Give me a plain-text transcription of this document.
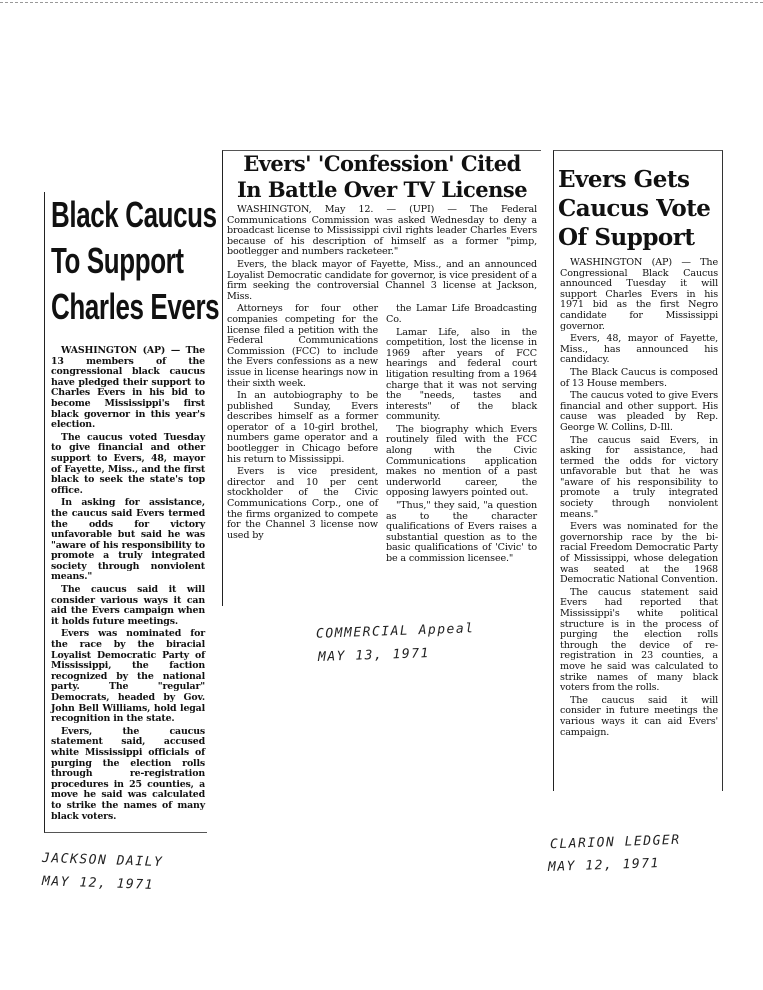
Black Caucus
To Support
Charles Evers

WASHINGTON (AP) — The 13 members of the congressional black caucus have pledged their support to Charles Evers in his bid to become Mississippi's first black governor in this year's election.

The caucus voted Tuesday to give financial and other support to Evers, 48, mayor of Fayette, Miss., and the first black to seek the state's top office.

In asking for assistance, the caucus said Evers termed the odds for victory unfavorable but said he was "aware of his responsibility to promote a truly integrated society through nonviolent means."

The caucus said it will consider various ways it can aid the Evers campaign when it holds future meetings.

Evers was nominated for the race by the biracial Loyalist Democratic Party of Mississippi, the faction recognized by the national party. The "regular" Democrats, headed by Gov. John Bell Williams, hold legal recognition in the state.

Evers, the caucus statement said, accused white Mississippi officials of purging the election rolls through re-registration procedures in 25 counties, a move he said was calculated to strike the names of many black voters.

Evers' 'Confession' Cited
In Battle Over TV License

WASHINGTON, May 12. — (UPI) — The Federal Communications Commission was asked Wednesday to deny a broadcast license to Mississippi civil rights leader Charles Evers because of his description of himself as a former "pimp, bootlegger and numbers racketeer."

Evers, the black mayor of Fayette, Miss., and an announced Loyalist Democratic candidate for governor, is vice president of a firm seeking the controversial Channel 3 license at Jackson, Miss.

Attorneys for four other companies competing for the license filed a petition with the Federal Communications Commission (FCC) to include the Evers confessions as a new issue in license hearings now in their sixth week.

In an autobiography to be published Sunday, Evers describes himself as a former operator of a 10-girl brothel, numbers game operator and a bootlegger in Chicago before his return to Mississippi.

Evers is vice president, director and 10 per cent stockholder of the Civic Communications Corp., one of the firms organized to compete for the Channel 3 license now used by

the Lamar Life Broadcasting Co.

Lamar Life, also in the competition, lost the license in 1969 after years of FCC hearings and federal court litigation resulting from a 1964 charge that it was not serving the "needs, tastes and interests" of the black community.

The biography which Evers routinely filed with the FCC along with the Civic Communications application makes no mention of a past underworld career, the opposing lawyers pointed out.

"Thus," they said, "a question as to the character qualifications of Evers raises a substantial question as to the basic qualifications of 'Civic' to be a commission licensee."

Evers Gets
Caucus Vote
Of Support

WASHINGTON (AP) — The Congressional Black Caucus announced Tuesday it will support Charles Evers in his 1971 bid as the first Negro candidate for Mississippi governor.

Evers, 48, mayor of Fayette, Miss., has announced his candidacy.

The Black Caucus is composed of 13 House members.

The caucus voted to give Evers financial and other support. His cause was pleaded by Rep. George W. Collins, D-Ill.

The caucus said Evers, in asking for assistance, had termed the odds for victory unfavorable but that he was "aware of his responsibility to promote a truly integrated society through nonviolent means."

Evers was nominated for the governorship race by the bi-racial Freedom Democratic Party of Mississippi, whose delegation was seated at the 1968 Democratic National Convention.

The caucus statement said Evers had reported that Mississippi's white political structure is in the process of purging the election rolls through the device of re-registration in 23 counties, a move he said was calculated to strike names of many black voters from the rolls.

The caucus said it will consider in future meetings the various ways it can aid Evers' campaign.

COMMERCIAL Appeal
MAY 13, 1971
JACKSON DAILY
MAY 12, 1971
CLARION LEDGER
MAY 12, 1971
